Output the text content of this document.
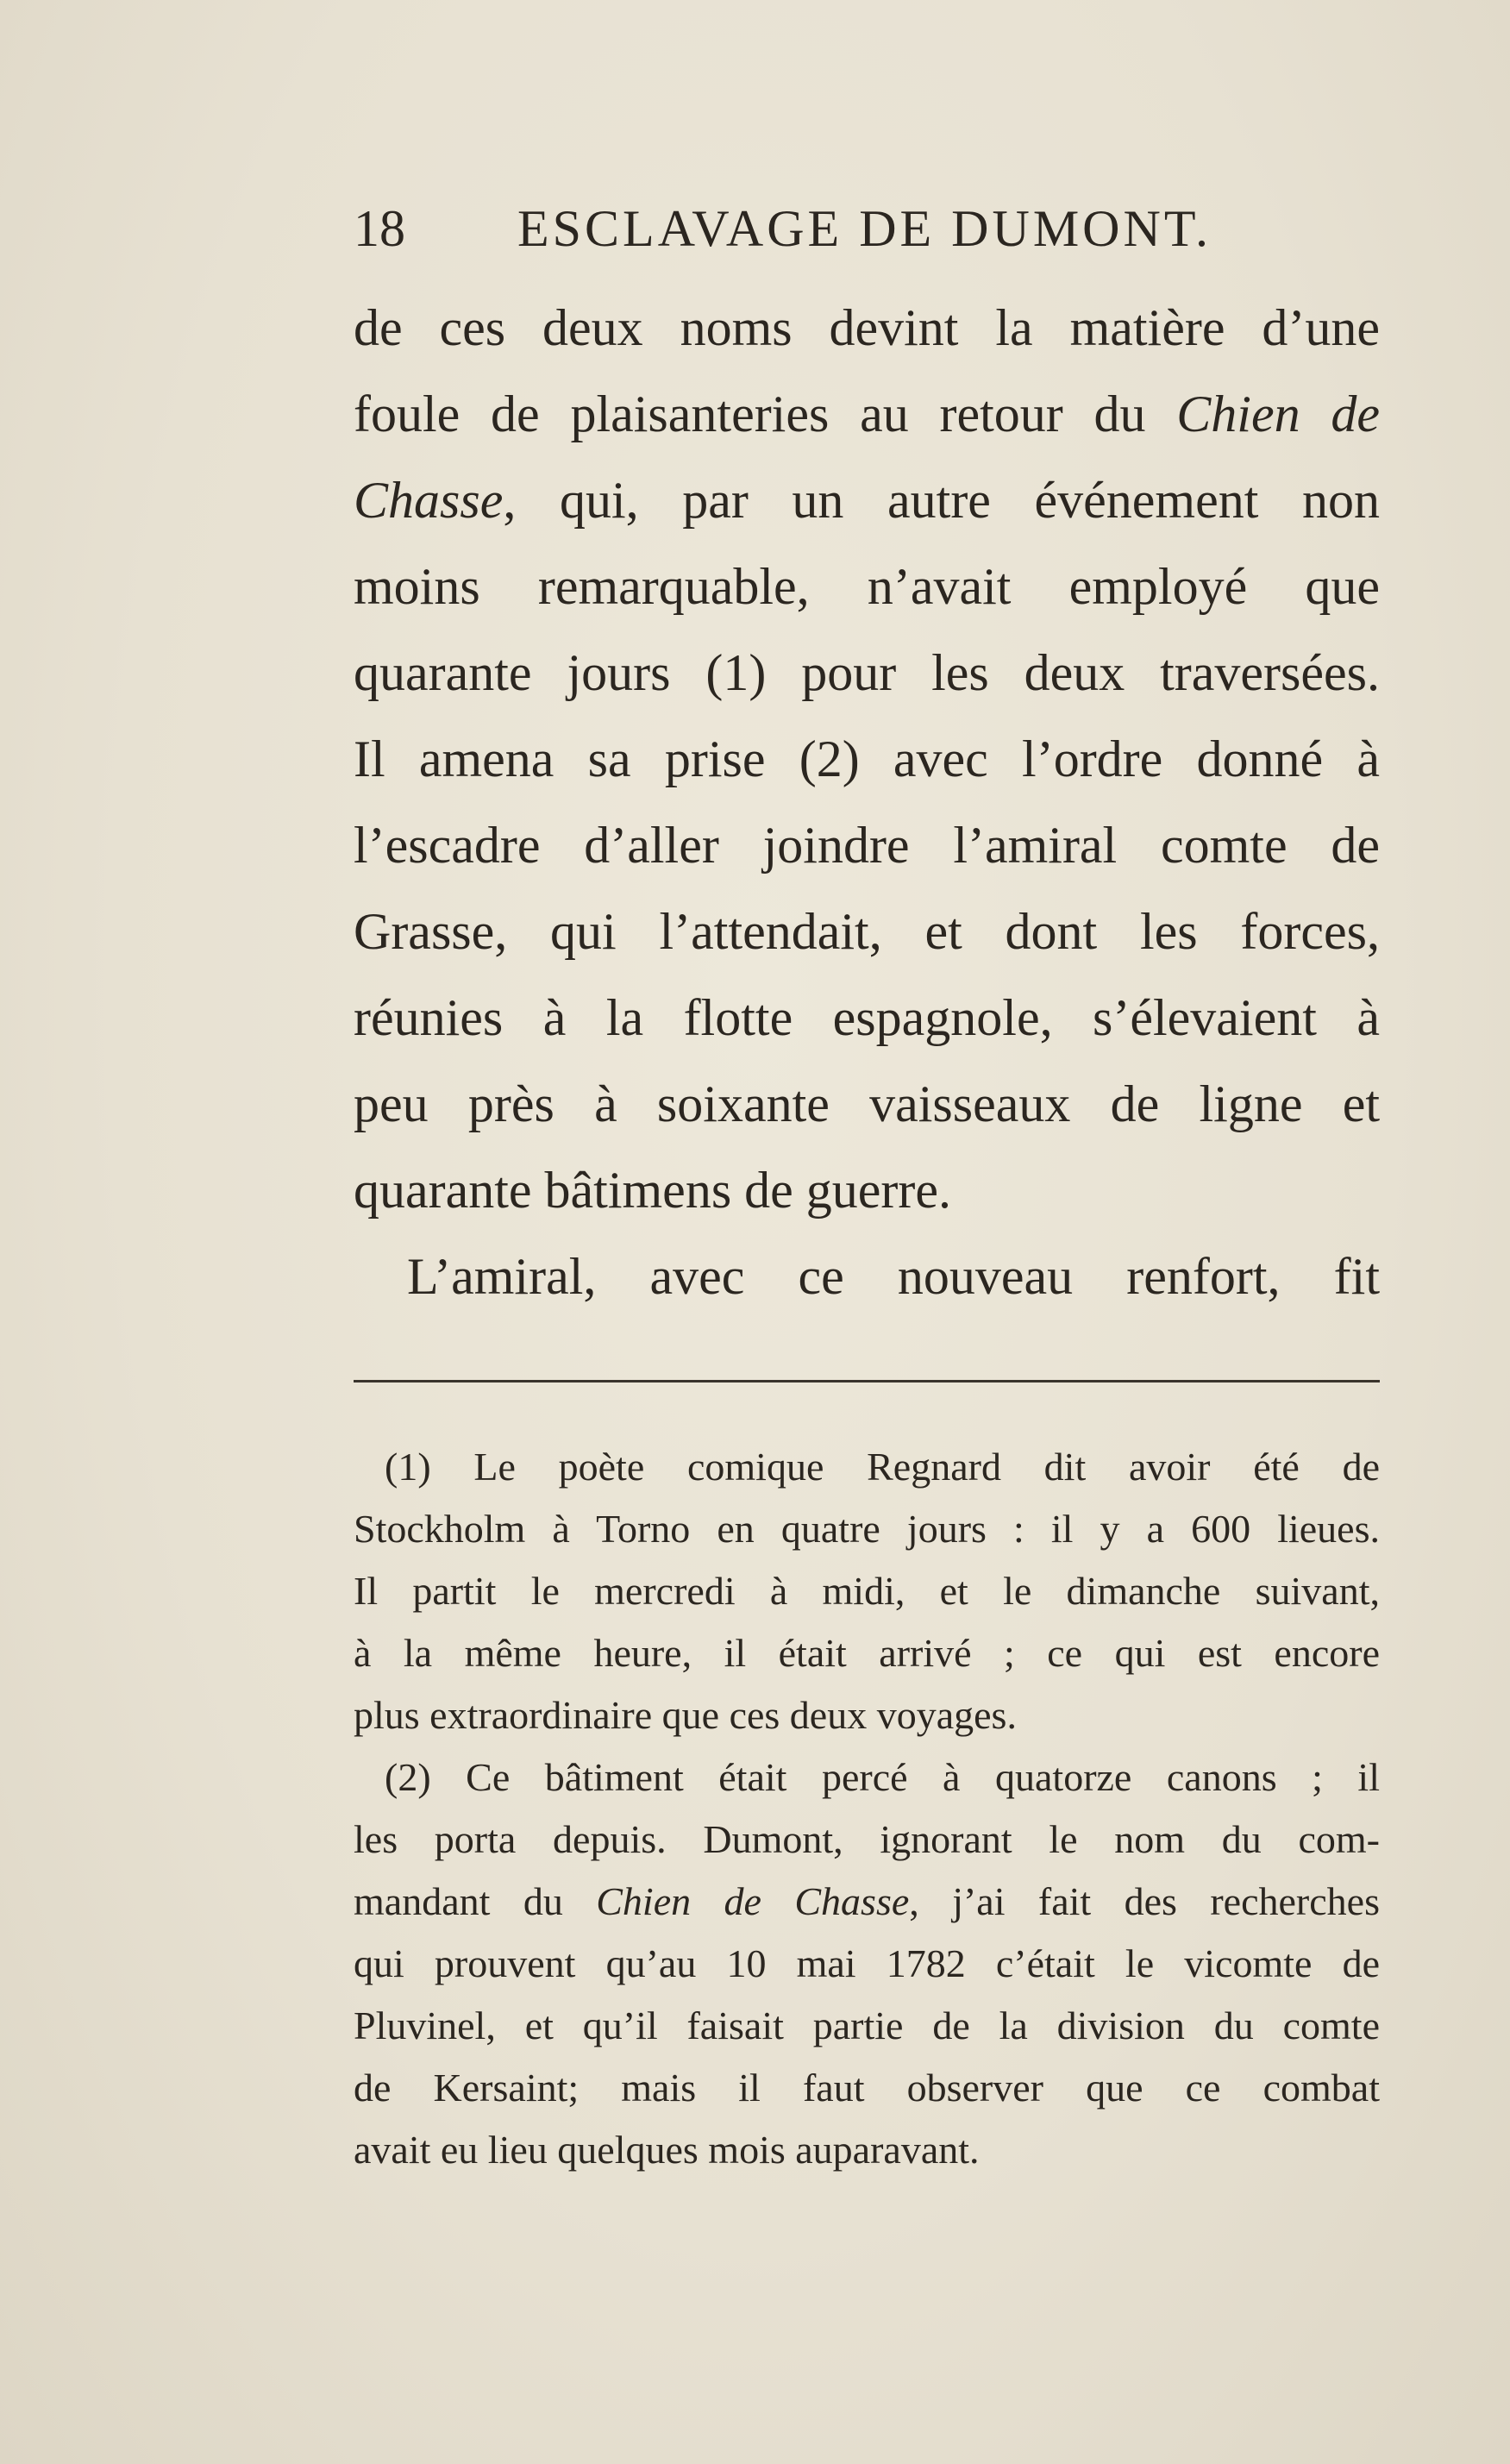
18 ESCLAVAGE DE DUMONT.
de ces deux noms devint la matière d’une
foule de plaisanteries au retour du Chien de
Chasse, qui, par un autre événement non
moins remarquable, n’avait employé que
quarante jours (1) pour les deux traversées.
Il amena sa prise (2) avec l’ordre donné à
l’escadre d’aller joindre l’amiral comte de
Grasse, qui l’attendait, et dont les forces,
réunies à la flotte espagnole, s’élevaient à
peu près à soixante vaisseaux de ligne et
quarante bâtimens de guerre.
L’amiral, avec ce nouveau renfort, fit
(1) Le poète comique Regnard dit avoir été de
Stockholm à Torno en quatre jours : il y a 600 lieues.
Il partit le mercredi à midi, et le dimanche suivant,
à la même heure, il était arrivé ; ce qui est encore
plus extraordinaire que ces deux voyages.
(2) Ce bâtiment était percé à quatorze canons ; il
les porta depuis. Dumont, ignorant le nom du com-
mandant du Chien de Chasse, j’ai fait des recherches
qui prouvent qu’au 10 mai 1782 c’était le vicomte de
Pluvinel, et qu’il faisait partie de la division du comte
de Kersaint; mais il faut observer que ce combat
avait eu lieu quelques mois auparavant.
